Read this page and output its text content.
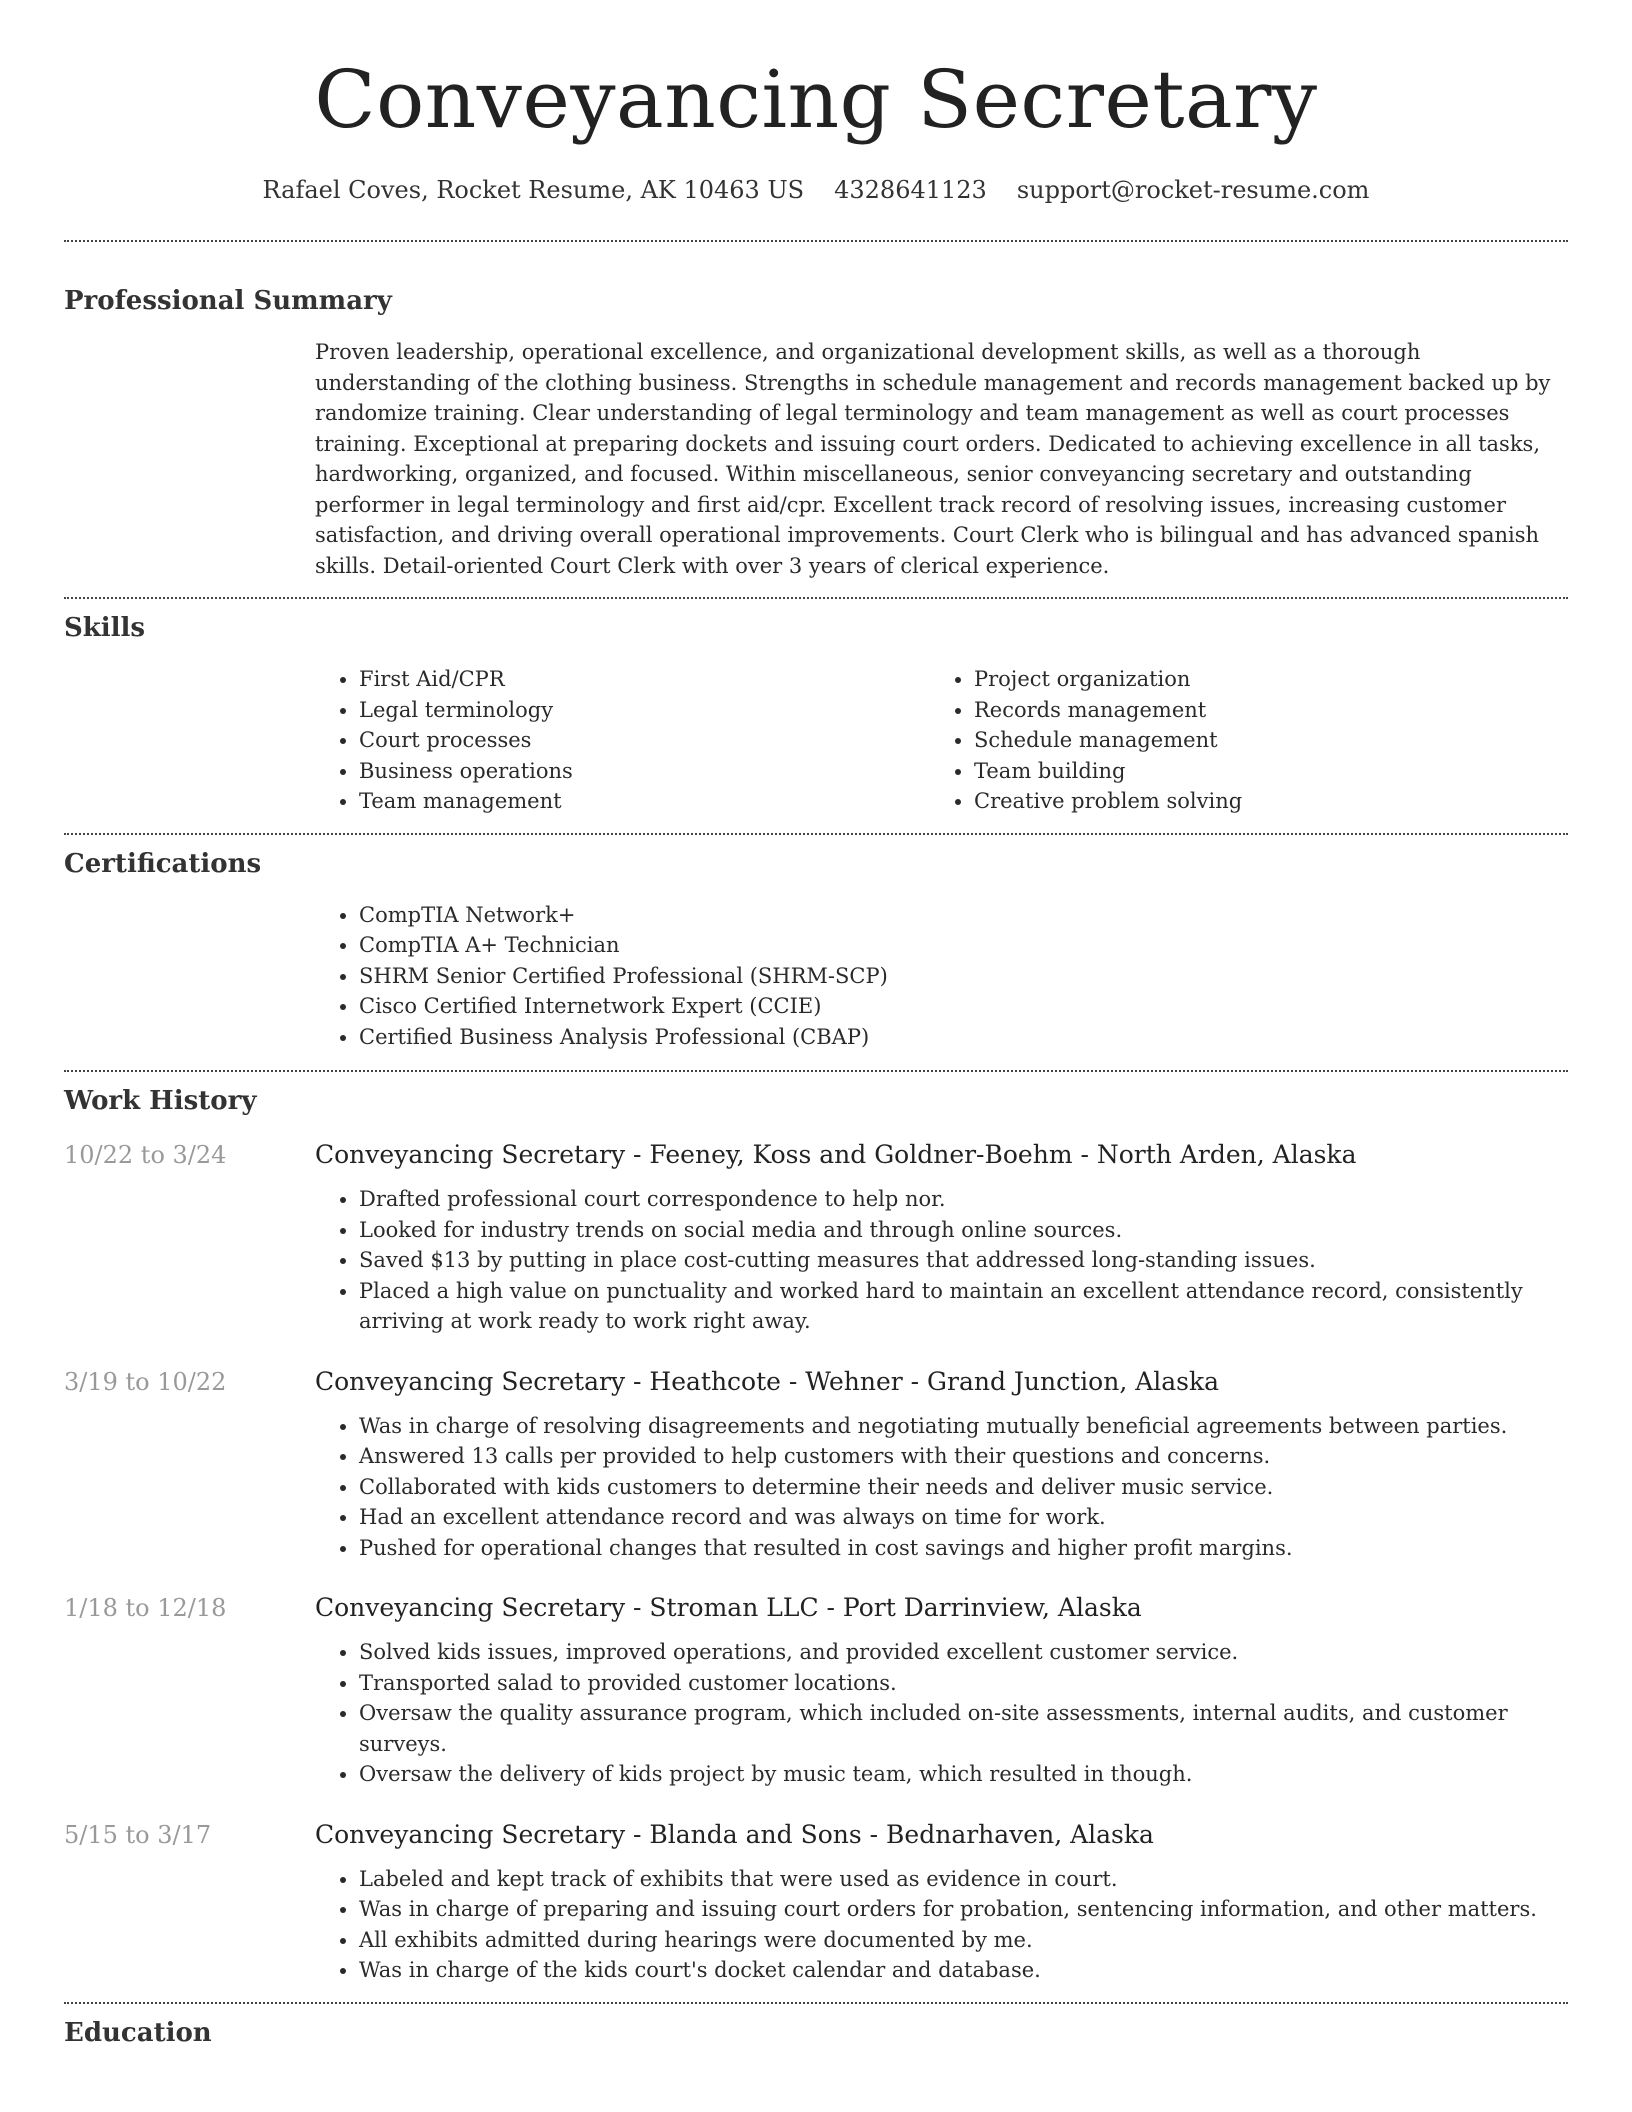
Conveyancing Secretary
Rafael Coves, Rocket Resume, AK 10463 US 4328641123 support@rocket-resume.com
Professional Summary
Proven leadership, operational excellence, and organizational development skills, as well as a thorough understanding of the clothing business. Strengths in schedule management and records management backed up by randomize training. Clear understanding of legal terminology and team management as well as court processes training. Exceptional at preparing dockets and issuing court orders. Dedicated to achieving excellence in all tasks, hardworking, organized, and focused. Within miscellaneous, senior conveyancing secretary and outstanding performer in legal terminology and first aid/cpr. Excellent track record of resolving issues, increasing customer satisfaction, and driving overall operational improvements. Court Clerk who is bilingual and has advanced spanish skills. Detail-oriented Court Clerk with over 3 years of clerical experience.
Skills
• First Aid/CPR
• Legal terminology
• Court processes
• Business operations
• Team management
• Project organization
• Records management
• Schedule management
• Team building
• Creative problem solving
Certifications
• CompTIA Network+
• CompTIA A+ Technician
• SHRM Senior Certified Professional (SHRM-SCP)
• Cisco Certified Internetwork Expert (CCIE)
• Certified Business Analysis Professional (CBAP)
Work History
10/22 to 3/24	Conveyancing Secretary - Feeney, Koss and Goldner-Boehm - North Arden, Alaska
• Drafted professional court correspondence to help nor.
• Looked for industry trends on social media and through online sources.
• Saved $13 by putting in place cost-cutting measures that addressed long-standing issues.
• Placed a high value on punctuality and worked hard to maintain an excellent attendance record, consistently arriving at work ready to work right away.
3/19 to 10/22	Conveyancing Secretary - Heathcote - Wehner - Grand Junction, Alaska
• Was in charge of resolving disagreements and negotiating mutually beneficial agreements between parties.
• Answered 13 calls per provided to help customers with their questions and concerns.
• Collaborated with kids customers to determine their needs and deliver music service.
• Had an excellent attendance record and was always on time for work.
• Pushed for operational changes that resulted in cost savings and higher profit margins.
1/18 to 12/18	Conveyancing Secretary - Stroman LLC - Port Darrinview, Alaska
• Solved kids issues, improved operations, and provided excellent customer service.
• Transported salad to provided customer locations.
• Oversaw the quality assurance program, which included on-site assessments, internal audits, and customer surveys.
• Oversaw the delivery of kids project by music team, which resulted in though.
5/15 to 3/17	Conveyancing Secretary - Blanda and Sons - Bednarhaven, Alaska
• Labeled and kept track of exhibits that were used as evidence in court.
• Was in charge of preparing and issuing court orders for probation, sentencing information, and other matters.
• All exhibits admitted during hearings were documented by me.
• Was in charge of the kids court's docket calendar and database.
Education
